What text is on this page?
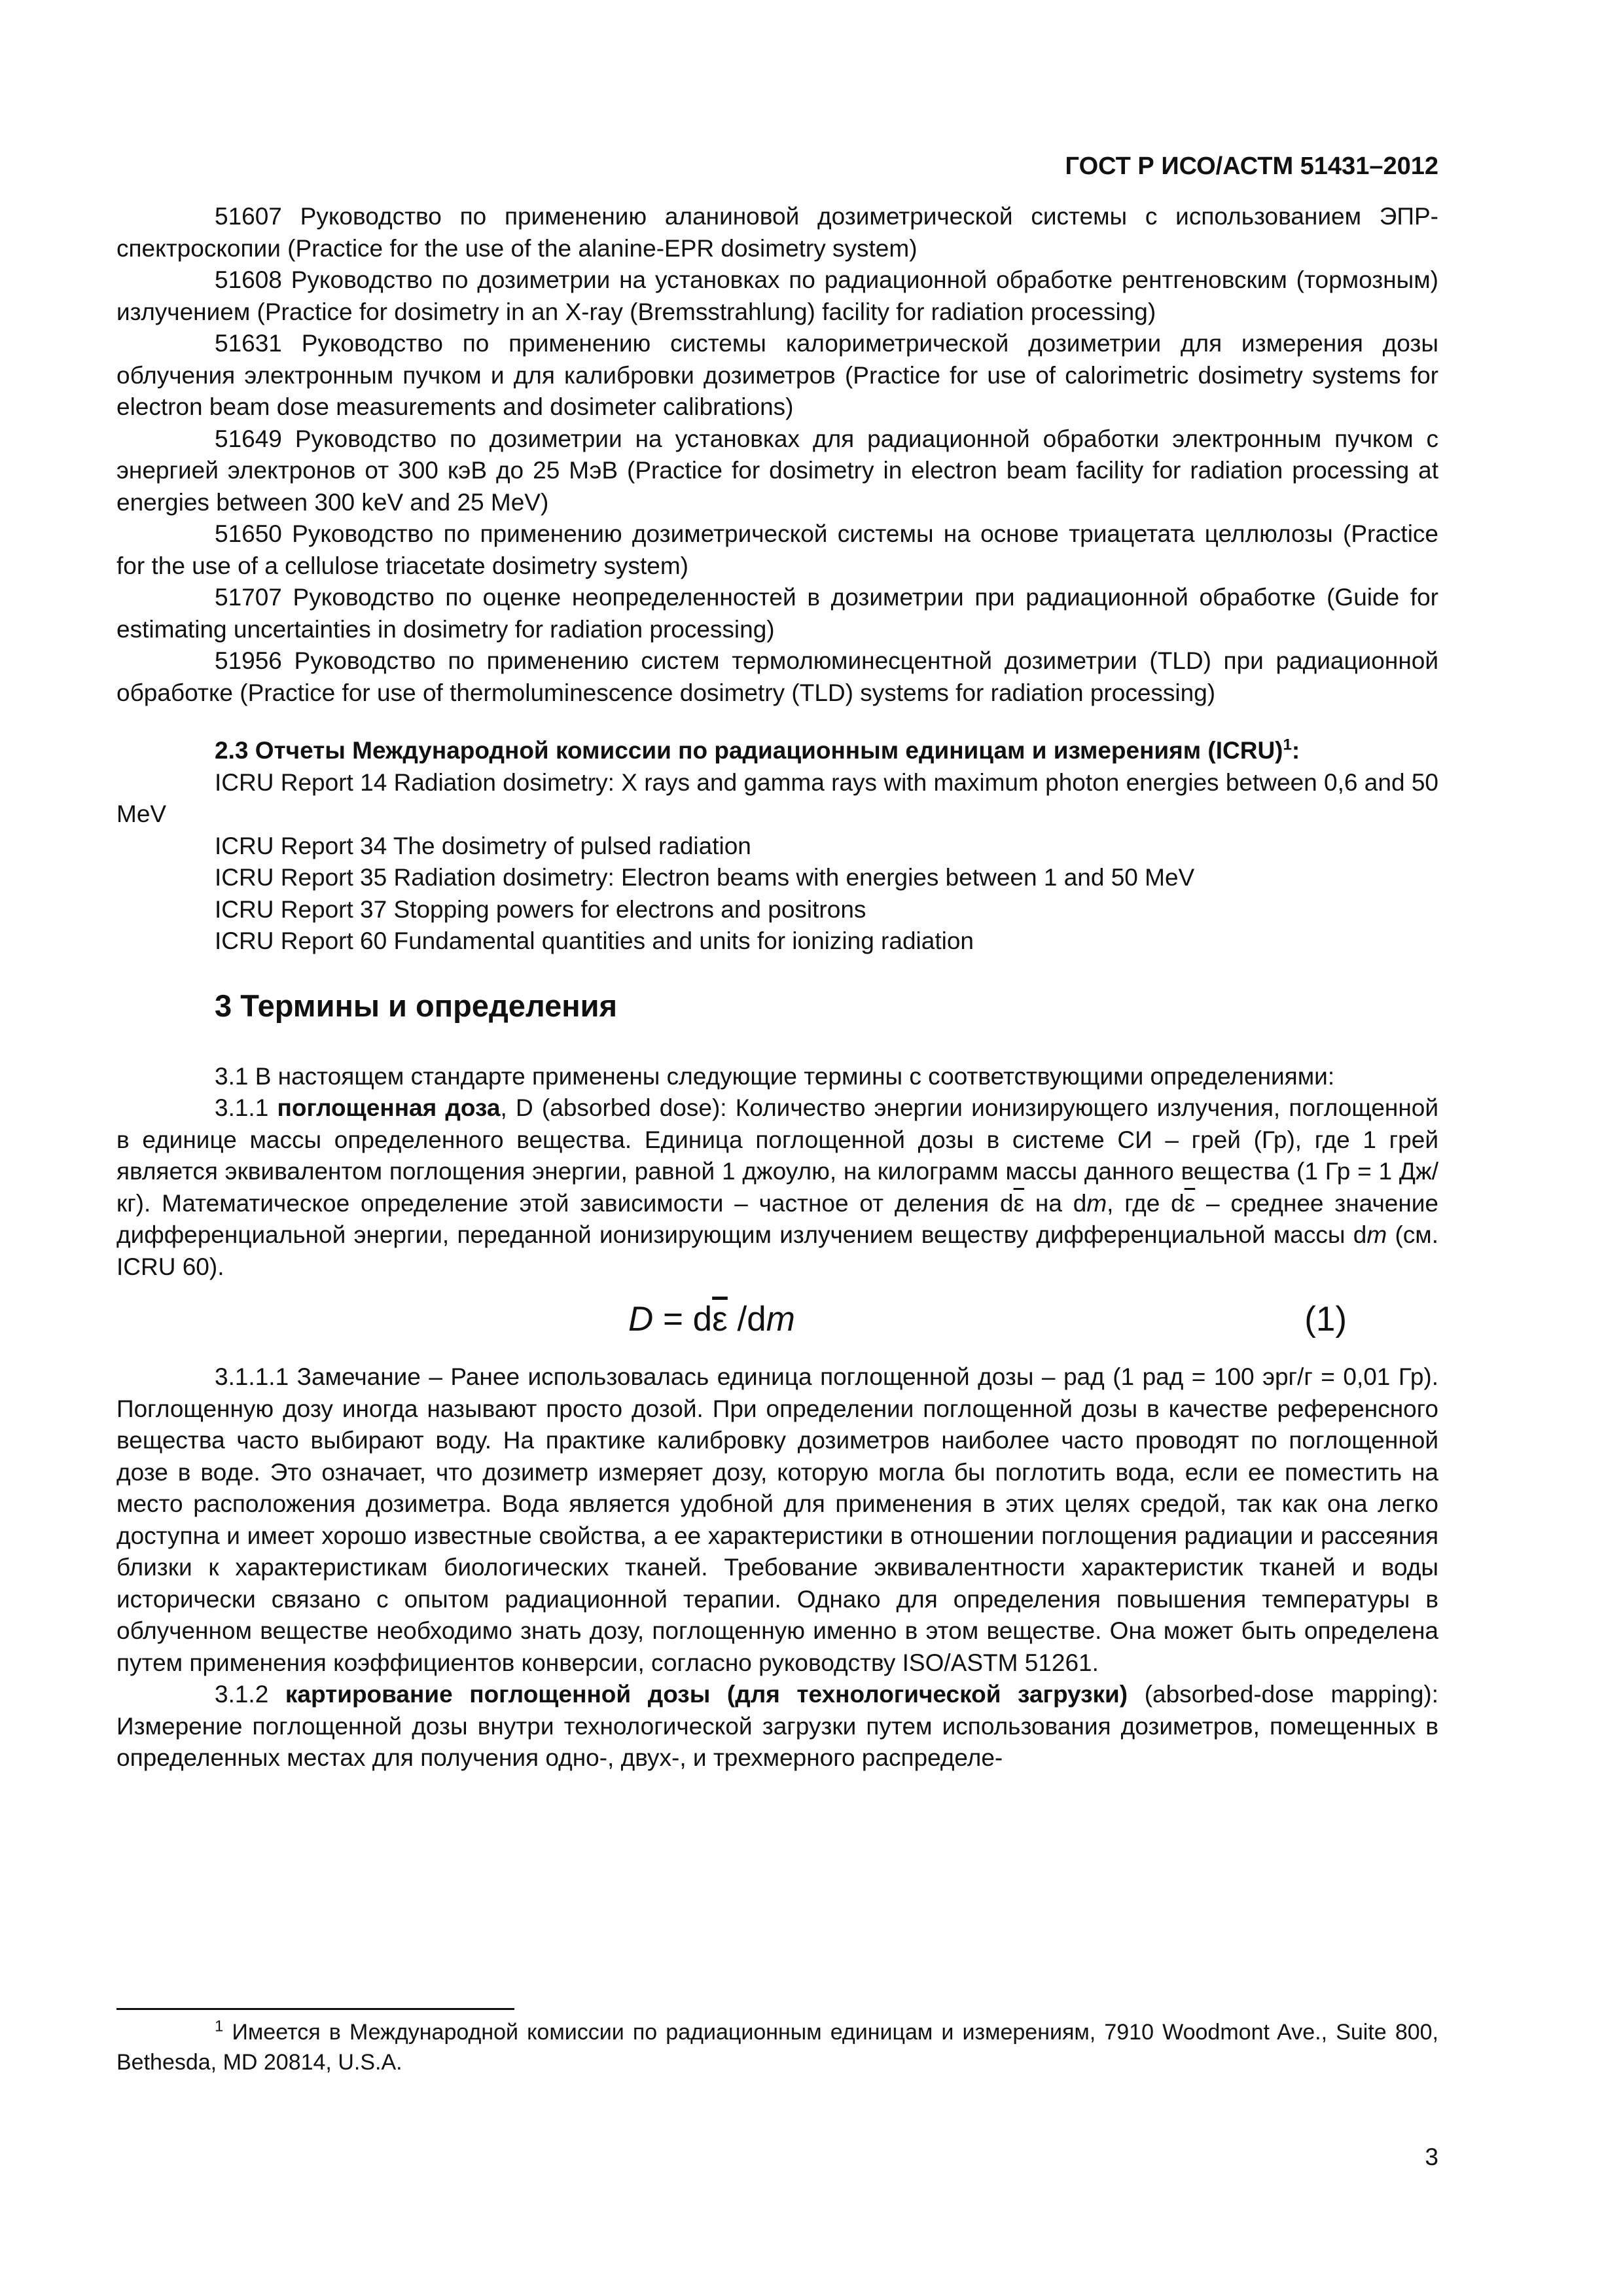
ГОСТ Р ИСО/АСТМ 51431–2012

51607 Руководство по применению аланиновой дозиметрической системы с использованием ЭПР-спектроскопии (Practice for the use of the alanine-EPR dosimetry system)

51608 Руководство по дозиметрии на установках по радиационной обработке рентгеновским (тормозным) излучением (Practice for dosimetry in an X-ray (Bremsstrahlung) facility for radiation processing)

51631 Руководство по применению системы калориметрической дозиметрии для измерения дозы облучения электронным пучком и для калибровки дозиметров (Practice for use of calorimetric dosimetry systems for electron beam dose measurements and dosimeter calibrations)

51649 Руководство по дозиметрии на установках для радиационной обработки электронным пучком с энергией электронов от 300 кэВ до 25 МэВ (Practice for dosimetry in electron beam facility for radiation processing at energies between 300 keV and 25 MeV)

51650 Руководство по применению дозиметрической системы на основе триацетата целлюлозы (Practice for the use of a cellulose triacetate dosimetry system)

51707 Руководство по оценке неопределенностей в дозиметрии при радиационной обработке (Guide for estimating uncertainties in dosimetry for radiation processing)

51956 Руководство по применению систем термолюминесцентной дозиметрии (TLD) при радиационной обработке (Practice for use of thermoluminescence dosimetry (TLD) systems for radiation processing)

2.3 Отчеты Международной комиссии по радиационным единицам и измерениям (ICRU)$^1$:

ICRU Report 14 Radiation dosimetry: X rays and gamma rays with maximum photon energies between 0,6 and 50 MeV

ICRU Report 34 The dosimetry of pulsed radiation

ICRU Report 35 Radiation dosimetry: Electron beams with energies between 1 and 50 MeV

ICRU Report 37 Stopping powers for electrons and positrons

ICRU Report 60 Fundamental quantities and units for ionizing radiation

3 Термины и определения

3.1 В настоящем стандарте применены следующие термины с соответствующими определениями:

3.1.1 поглощенная доза, D (absorbed dose): Количество энергии ионизирующего излучения, поглощенной в единице массы определенного вещества. Единица поглощенной дозы в системе СИ – грей (Гр), где 1 грей является эквивалентом поглощения энергии, равной 1 джоулю, на килограмм массы данного вещества (1 Гр = 1 Дж/кг). Математическое определение этой зависимости – частное от деления $d\overline{\varepsilon}$ на dm, где $d\overline{\varepsilon}$ – среднее значение дифференциальной энергии, переданной ионизирующим излучением веществу дифференциальной массы dm (см. ICRU 60).

$D = d\overline{\varepsilon}$ /dm	(1)

3.1.1.1 Замечание – Ранее использовалась единица поглощенной дозы – рад (1 рад = 100 эрг/г = 0,01 Гр). Поглощенную дозу иногда называют просто дозой. При определении поглощенной дозы в качестве референсного вещества часто выбирают воду. На практике калибровку дозиметров наиболее часто проводят по поглощенной дозе в воде. Это означает, что дозиметр измеряет дозу, которую могла бы поглотить вода, если ее поместить на место расположения дозиметра. Вода является удобной для применения в этих целях средой, так как она легко доступна и имеет хорошо известные свойства, а ее характеристики в отношении поглощения радиации и рассеяния близки к характеристикам биологических тканей. Требование эквивалентности характеристик тканей и воды исторически связано с опытом радиационной терапии. Однако для определения повышения температуры в облученном веществе необходимо знать дозу, поглощенную именно в этом веществе. Она может быть определена путем применения коэффициентов конверсии, согласно руководству ISO/ASTM 51261.

3.1.2 картирование поглощенной дозы (для технологической загрузки) (absorbed-dose mapping): Измерение поглощенной дозы внутри технологической загрузки путем использования дозиметров, помещенных в определенных местах для получения одно-, двух-, и трехмерного распределе-

$^1$ Имеется в Международной комиссии по радиационным единицам и измерениям, 7910 Woodmont Ave., Suite 800, Bethesda, MD 20814, U.S.A.

3
